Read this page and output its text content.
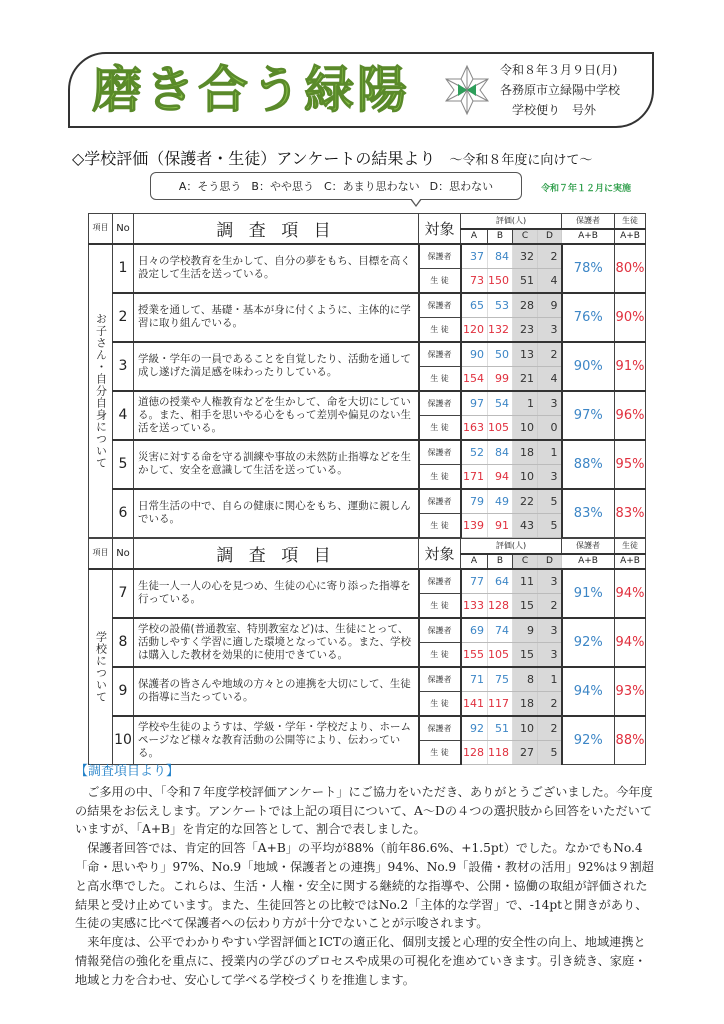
磨き合う緑陽	令和８年３月９日(月)
各務原市立緑陽中学校
学校便り　号外
◇学校評価（保護者・生徒）アンケートの結果より ～令和８年度に向けて～
A：そう思う B：やや思う C：あまり思わない D：思わない	令和７年１２月に実施
項目	No	調 査 項 目	対象	評価(人)				保護者	生徒
				A	B	C	D	A+B	A+B
お子さん・自分自身について	1	日々の学校教育を生かして、自分の夢をもち、目標を高く設定して生活を送っている。	保護者	37	84	32	2	78%	80%
			生 徒	73	150	51	4		
	2	授業を通して、基礎・基本が身に付くように、主体的に学習に取り組んでいる。	保護者	65	53	28	9	76%	90%
			生 徒	120	132	23	3		
	3	学級・学年の一員であることを自覚したり、活動を通して成し遂げた満足感を味わったりしている。	保護者	90	50	13	2	90%	91%
			生 徒	154	99	21	4		
	4	道徳の授業や人権教育などを生かして、命を大切にしている。また、相手を思いやる心をもって差別や偏見のない生活を送っている。	保護者	97	54	1	3	97%	96%
			生 徒	163	105	10	0		
	5	災害に対する命を守る訓練や事故の未然防止指導などを生かして、安全を意識して生活を送っている。	保護者	52	84	18	1	88%	95%
			生 徒	171	94	10	3		
	6	日常生活の中で、自らの健康に関心をもち、運動に親しんでいる。	保護者	79	49	22	5	83%	83%
			生 徒	139	91	43	5		
項目	No	調 査 項 目	対象	評価(人)				保護者	生徒
				A	B	C	D	A+B	A+B
学校について	7	生徒一人一人の心を見つめ、生徒の心に寄り添った指導を行っている。	保護者	77	64	11	3	91%	94%
			生 徒	133	128	15	2		
	8	学校の設備(普通教室、特別教室など)は、生徒にとって、活動しやすく学習に適した環境となっている。また、学校は購入した教材を効果的に使用できている。	保護者	69	74	9	3	92%	94%
			生 徒	155	105	15	3		
	9	保護者の皆さんや地域の方々との連携を大切にして、生徒の指導に当たっている。	保護者	71	75	8	1	94%	93%
			生 徒	141	117	18	2		
	10	学校や生徒のようすは、学級・学年・学校だより、ホームページなど様々な教育活動の公開等により、伝わっている。	保護者	92	51	10	2	92%	88%
			生 徒	128	118	27	5		
【調査項目より】

ご多用の中、「令和７年度学校評価アンケート」にご協力をいただき、ありがとうございました。今年度の結果をお伝えします。アンケートでは上記の項目について、A～Dの４つの選択肢から回答をいただいていますが、「A+B」を肯定的な回答として、割合で表しました。

保護者回答では、肯定的回答「A+B」の平均が88%（前年86.6%、+1.5pt）でした。なかでもNo.4「命・思いやり」97%、No.9「地域・保護者との連携」94%、No.9「設備・教材の活用」92%は９割超と高水準でした。これらは、生活・人権・安全に関する継続的な指導や、公開・協働の取組が評価された結果と受け止めています。また、生徒回答との比較ではNo.2「主体的な学習」で、-14ptと開きがあり、生徒の実感に比べて保護者への伝わり方が十分でないことが示唆されます。

来年度は、公平でわかりやすい学習評価とICTの適正化、個別支援と心理的安全性の向上、地域連携と情報発信の強化を重点に、授業内の学びのプロセスや成果の可視化を進めていきます。引き続き、家庭・地域と力を合わせ、安心して学べる学校づくりを推進します。
